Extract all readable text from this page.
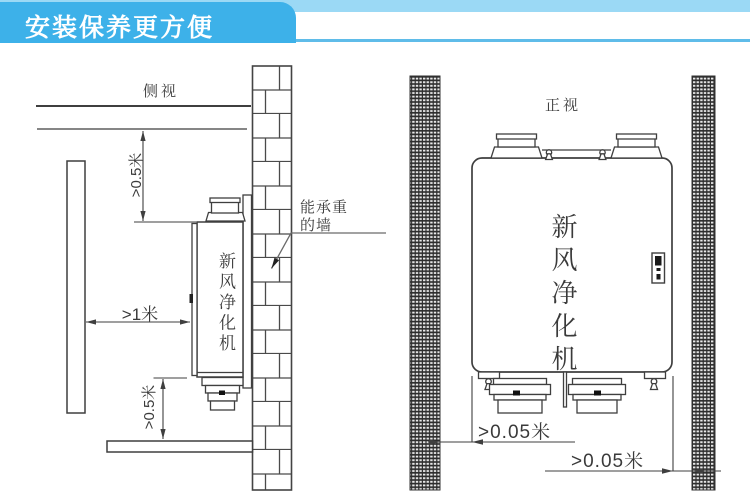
安装保养更方便
侧视
正视
>0.5米
>1米
>0.5米
能承重
的墙
新风净化机	新风净化机
>0.05米
>0.05米
